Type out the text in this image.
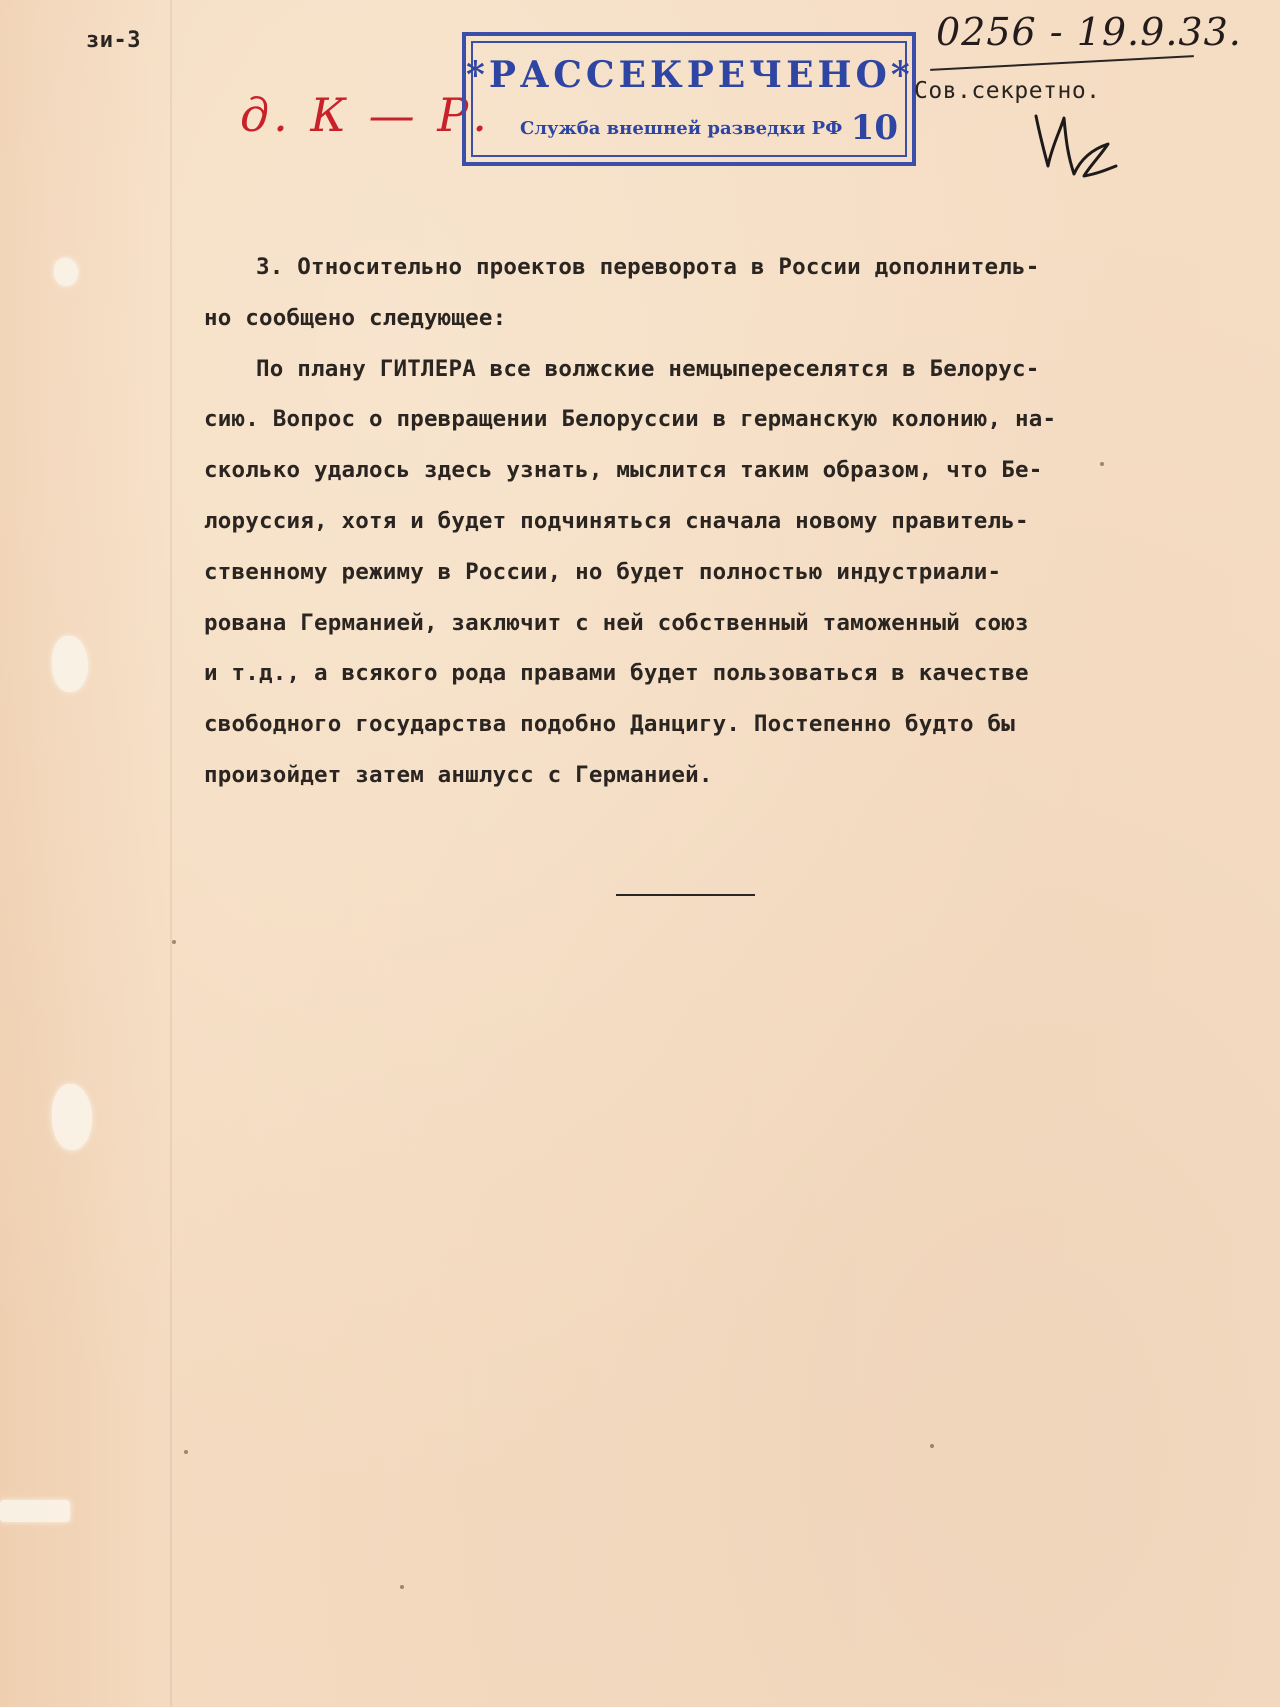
зи-3
д. К — Р.
*РАССЕКРЕЧЕНО*
Служба внешней разведки РФ 10
0256 - 19.9.33.
Сов.секретно.
3. Относительно проектов переворота в России дополнитель-
но сообщено следующее:
По плану ГИТЛЕРА все волжские немцыпереселятся в Белорус-
сию. Вопрос о превращении Белоруссии в германскую колонию, на-
сколько удалось здесь узнать, мыслится таким образом, что Бе-
лоруссия, хотя и будет подчиняться сначала новому правитель-
ственному режиму в России, но будет полностью индустриали-
рована Германией, заключит с ней собственный таможенный союз
и т.д., а всякого рода правами будет пользоваться в качестве
свободного государства подобно Данцигу. Постепенно будто бы
произойдет затем аншлусс с Германией.
